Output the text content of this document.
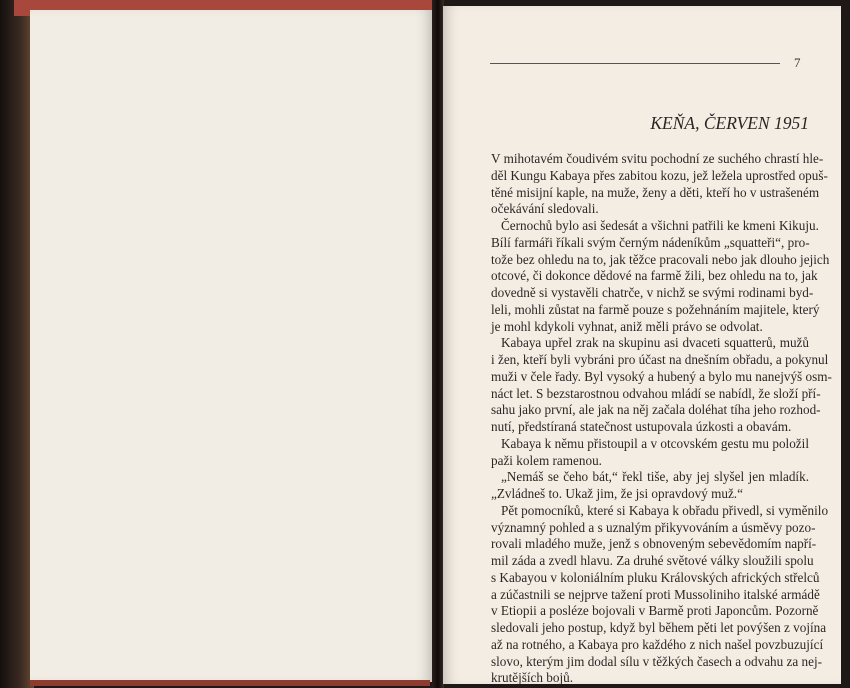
7
KEŇA, ČERVEN 1951
V mihotavém čoudivém svitu pochodní ze suchého chrastí hle-
děl Kungu Kabaya přes zabitou kozu, jež ležela uprostřed opuš-
těné misijní kaple, na muže, ženy a děti, kteří ho v ustrašeném
očekávání sledovali.
Černochů bylo asi šedesát a všichni patřili ke kmeni Kikuju.
Bílí farmáři říkali svým černým nádeníkům „squatteři“, pro-
tože bez ohledu na to, jak těžce pracovali nebo jak dlouho jejich
otcové, či dokonce dědové na farmě žili, bez ohledu na to, jak
dovedně si vystavěli chatrče, v nichž se svými rodinami byd-
leli, mohli zůstat na farmě pouze s požehnáním majitele, který
je mohl kdykoli vyhnat, aniž měli právo se odvolat.
Kabaya upřel zrak na skupinu asi dvaceti squatterů, mužů
i žen, kteří byli vybráni pro účast na dnešním obřadu, a pokynul
muži v čele řady. Byl vysoký a hubený a bylo mu nanejvýš osm-
náct let. S bezstarostnou odvahou mládí se nabídl, že složí pří-
sahu jako první, ale jak na něj začala doléhat tíha jeho rozhod-
nutí, předstíraná statečnost ustupovala úzkosti a obavám.
Kabaya k němu přistoupil a v otcovském gestu mu položil
paži kolem ramenou.
„Nemáš se čeho bát,“ řekl tiše, aby jej slyšel jen mladík.
„Zvládneš to. Ukaž jim, že jsi opravdový muž.“
Pět pomocníků, které si Kabaya k obřadu přivedl, si vyměnilo
významný pohled a s uznalým přikyvováním a úsměvy pozo-
rovali mladého muže, jenž s obnoveným sebevědomím napří-
mil záda a zvedl hlavu. Za druhé světové války sloužili spolu
s Kabayou v koloniálním pluku Královských afrických střelců
a zúčastnili se nejprve tažení proti Mussoliniho italské armádě
v Etiopii a posléze bojovali v Barmě proti Japoncům. Pozorně
sledovali jeho postup, když byl během pěti let povýšen z vojína
až na rotného, a Kabaya pro každého z nich našel povzbuzující
slovo, kterým jim dodal sílu v těžkých časech a odvahu za nej-
krutějších bojů.
